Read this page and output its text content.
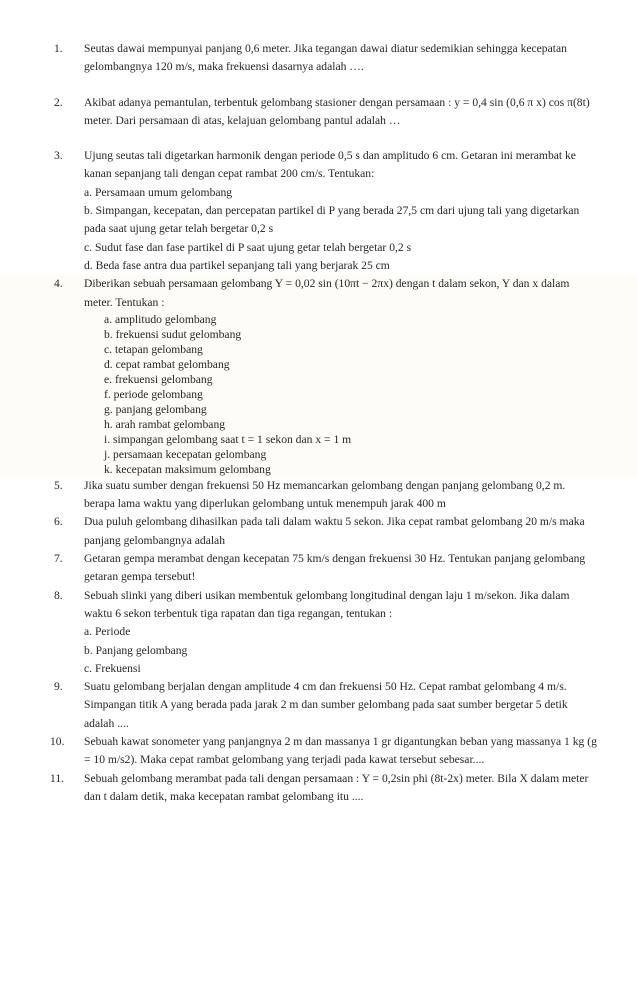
1. Seutas dawai mempunyai panjang 0,6 meter. Jika tegangan dawai diatur sedemikian sehingga kecepatan gelombangnya 120 m/s, maka frekuensi dasarnya adalah ….
2. Akibat adanya pemantulan, terbentuk gelombang stasioner dengan persamaan : y = 0,4 sin (0,6 π x) cos π(8t) meter. Dari persamaan di atas, kelajuan gelombang pantul adalah …
3. Ujung seutas tali digetarkan harmonik dengan periode 0,5 s dan amplitudo 6 cm. Getaran ini merambat ke kanan sepanjang tali dengan cepat rambat 200 cm/s. Tentukan:
a. Persamaan umum gelombang
b. Simpangan, kecepatan, dan percepatan partikel di P yang berada 27,5 cm dari ujung tali yang digetarkan pada saat ujung getar telah bergetar 0,2 s
c. Sudut fase dan fase partikel di P saat ujung getar telah bergetar 0,2 s
d. Beda fase antra dua partikel sepanjang tali yang berjarak 25 cm
4. Diberikan sebuah persamaan gelombang Y = 0,02 sin (10πt − 2πx) dengan t dalam sekon, Y dan x dalam meter. Tentukan :
a. amplitudo gelombang
b. frekuensi sudut gelombang
c. tetapan gelombang
d. cepat rambat gelombang
e. frekuensi gelombang
f. periode gelombang
g. panjang gelombang
h. arah rambat gelombang
i. simpangan gelombang saat t = 1 sekon dan x = 1 m
j. persamaan kecepatan gelombang
k. kecepatan maksimum gelombang
5. Jika suatu sumber dengan frekuensi 50 Hz memancarkan gelombang dengan panjang gelombang 0,2 m. berapa lama waktu yang diperlukan gelombang untuk menempuh jarak 400 m
6. Dua puluh gelombang dihasilkan pada tali dalam waktu 5 sekon. Jika cepat rambat gelombang 20 m/s maka panjang gelombangnya adalah
7. Getaran gempa merambat dengan kecepatan 75 km/s dengan frekuensi 30 Hz. Tentukan panjang gelombang getaran gempa tersebut!
8. Sebuah slinki yang diberi usikan membentuk gelombang longitudinal dengan laju 1 m/sekon. Jika dalam waktu 6 sekon terbentuk tiga rapatan dan tiga regangan, tentukan :
a. Periode
b. Panjang gelombang
c. Frekuensi
9. Suatu gelombang berjalan dengan amplitude 4 cm dan frekuensi 50 Hz. Cepat rambat gelombang 4 m/s. Simpangan titik A yang berada pada jarak 2 m dan sumber gelombang pada saat sumber bergetar 5 detik adalah ....
10. Sebuah kawat sonometer yang panjangnya 2 m dan massanya 1 gr digantungkan beban yang massanya 1 kg (g = 10 m/s2). Maka cepat rambat gelombang yang terjadi pada kawat tersebut sebesar....
11. Sebuah gelombang merambat pada tali dengan persamaan : Y = 0,2sin phi (8t-2x) meter. Bila X dalam meter dan t dalam detik, maka kecepatan rambat gelombang itu ....
